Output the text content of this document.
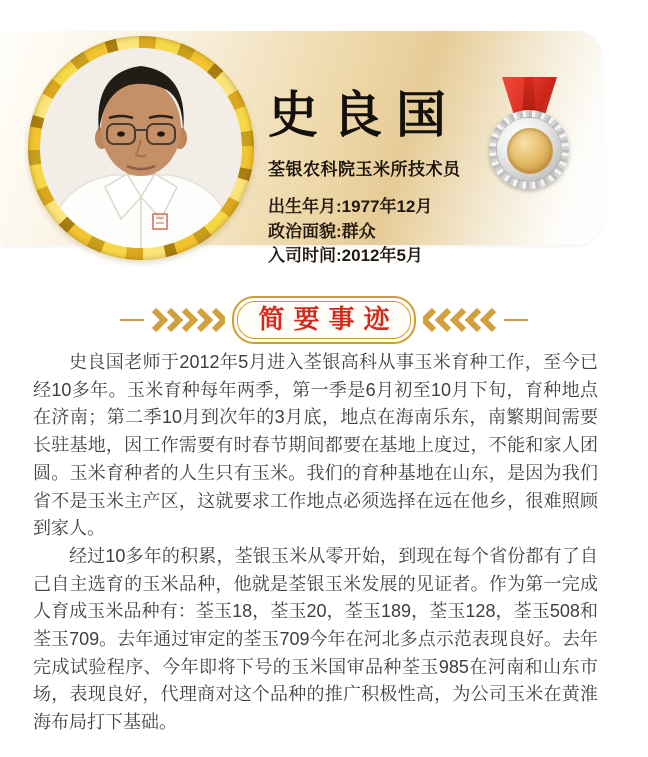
史良国
荃银农科院玉米所技术员
出生年月:1977年12月
政治面貌:群众
入司时间:2012年5月
简要事迹

史良国老师于2012年5月进入荃银高科从事玉米育种工作，至今已经10多年。玉米育种每年两季，第一季是6月初至10月下旬，育种地点在济南；第二季10月到次年的3月底，地点在海南乐东，南繁期间需要长驻基地，因工作需要有时春节期间都要在基地上度过，不能和家人团圆。玉米育种者的人生只有玉米。我们的育种基地在山东，是因为我们省不是玉米主产区，这就要求工作地点必须选择在远在他乡，很难照顾到家人。

经过10多年的积累，荃银玉米从零开始，到现在每个省份都有了自己自主选育的玉米品种，他就是荃银玉米发展的见证者。作为第一完成人育成玉米品种有：荃玉18，荃玉20，荃玉189，荃玉128，荃玉508和荃玉709。去年通过审定的荃玉709今年在河北多点示范表现良好。去年完成试验程序、今年即将下号的玉米国审品种荃玉985在河南和山东市场，表现良好，代理商对这个品种的推广积极性高，为公司玉米在黄淮海布局打下基础。
